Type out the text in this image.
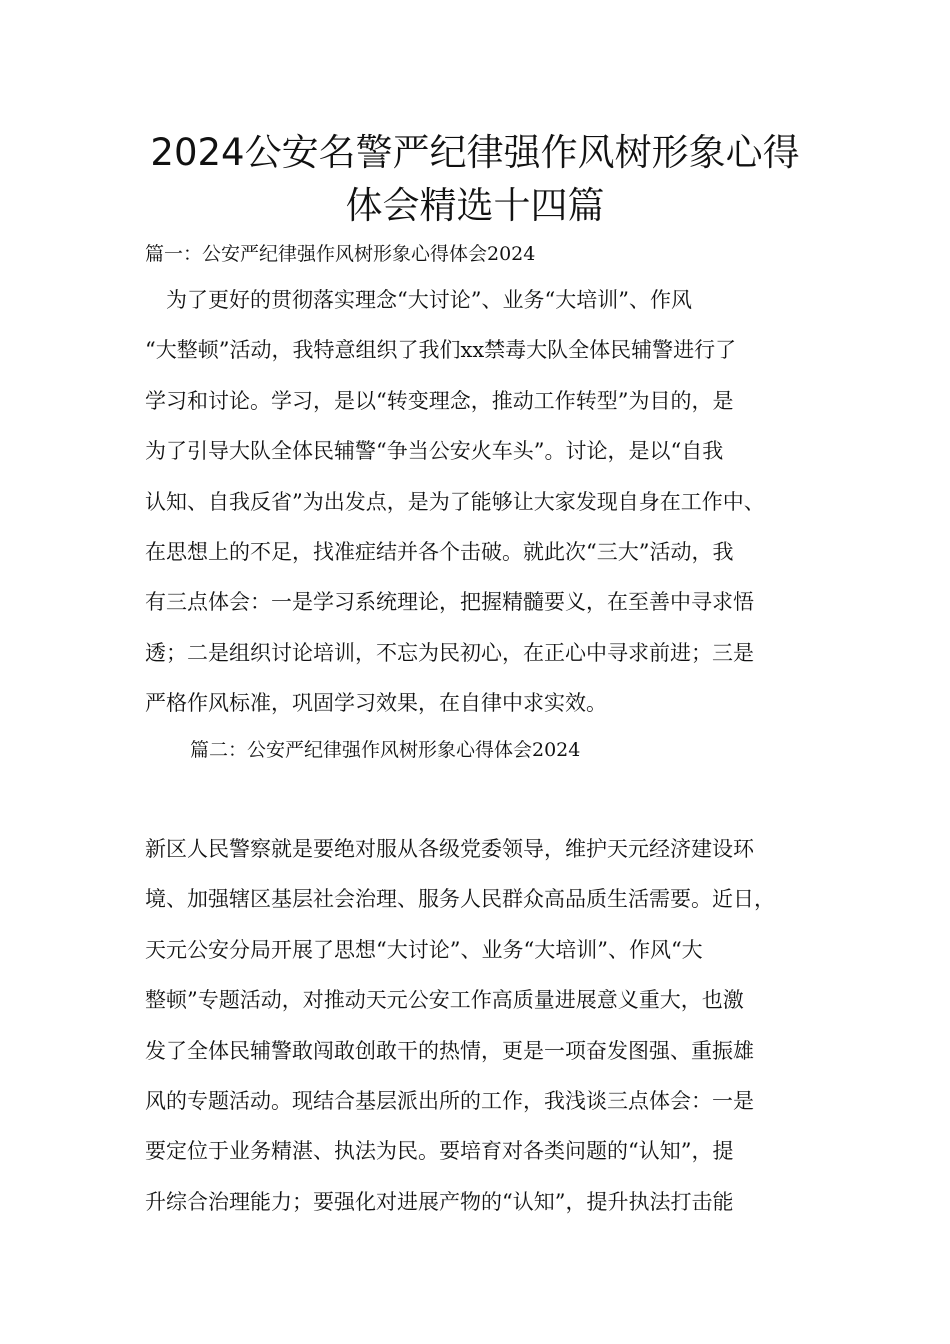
2024公安名警严纪律强作风树形象心得
体会精选十四篇
篇一：公安严纪律强作风树形象心得体会2024
　为了更好的贯彻落实理念“大讨论”、业务“大培训”、作风
“大整顿”活动，我特意组织了我们xx禁毒大队全体民辅警进行了
学习和讨论。学习，是以“转变理念，推动工作转型”为目的，是
为了引导大队全体民辅警“争当公安火车头”。讨论，是以“自我
认知、自我反省”为出发点，是为了能够让大家发现自身在工作中、
在思想上的不足，找准症结并各个击破。就此次“三大”活动，我
有三点体会：一是学习系统理论，把握精髓要义，在至善中寻求悟
透；二是组织讨论培训，不忘为民初心，在正心中寻求前进；三是
严格作风标准，巩固学习效果，在自律中求实效。
篇二：公安严纪律强作风树形象心得体会2024
新区人民警察就是要绝对服从各级党委领导，维护天元经济建设环
境、加强辖区基层社会治理、服务人民群众高品质生活需要。近日，
天元公安分局开展了思想“大讨论”、业务“大培训”、作风“大
整顿”专题活动，对推动天元公安工作高质量进展意义重大，也激
发了全体民辅警敢闯敢创敢干的热情，更是一项奋发图强、重振雄
风的专题活动。现结合基层派出所的工作，我浅谈三点体会：一是
要定位于业务精湛、执法为民。要培育对各类问题的“认知”，提
升综合治理能力；要强化对进展产物的“认知”，提升执法打击能
